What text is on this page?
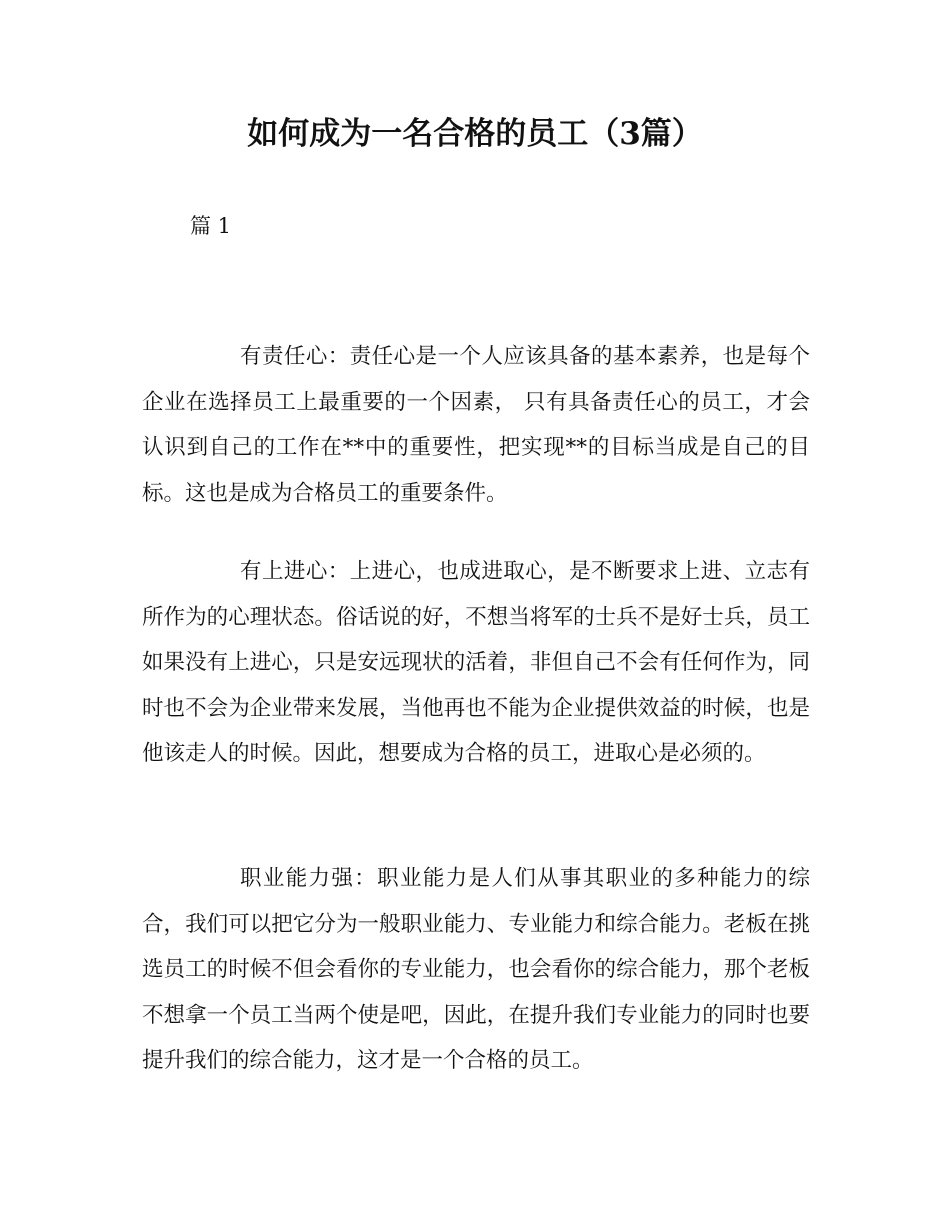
如何成为一名合格的员工（3篇）

篇 1

有责任心：责任心是一个人应该具备的基本素养，也是每个企业在选择员工上最重要的一个因素， 只有具备责任心的员工，才会认识到自己的工作在**中的重要性，把实现**的目标当成是自己的目标。这也是成为合格员工的重要条件。

有上进心：上进心，也成进取心，是不断要求上进、立志有所作为的心理状态。俗话说的好，不想当将军的士兵不是好士兵，员工如果没有上进心，只是安远现状的活着，非但自己不会有任何作为，同时也不会为企业带来发展，当他再也不能为企业提供效益的时候，也是他该走人的时候。因此，想要成为合格的员工，进取心是必须的。

职业能力强：职业能力是人们从事其职业的多种能力的综合，我们可以把它分为一般职业能力、专业能力和综合能力。老板在挑选员工的时候不但会看你的专业能力，也会看你的综合能力，那个老板不想拿一个员工当两个使是吧，因此，在提升我们专业能力的同时也要提升我们的综合能力，这才是一个合格的员工。
